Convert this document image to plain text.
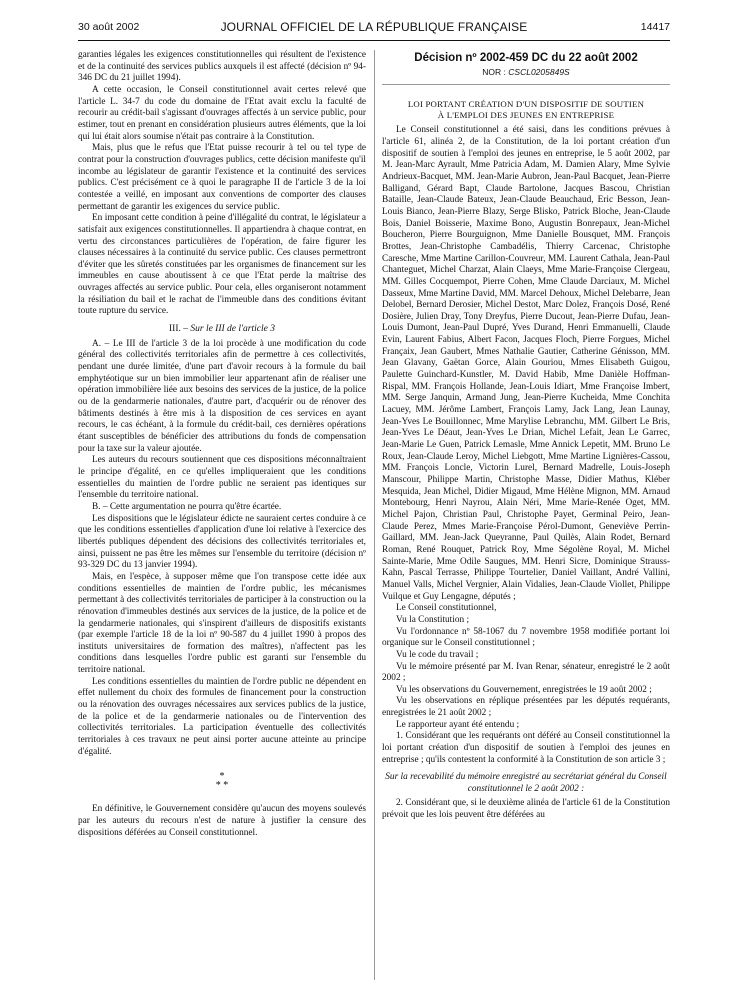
30 août 2002	JOURNAL OFFICIEL DE LA RÉPUBLIQUE FRANÇAISE	14417

garanties légales les exigences constitutionnelles qui résultent de l'existence et de la continuité des services publics auxquels il est affecté (décision nº 94-346 DC du 21 juillet 1994).

A cette occasion, le Conseil constitutionnel avait certes relevé que l'article L. 34-7 du code du domaine de l'Etat avait exclu la faculté de recourir au crédit-bail s'agissant d'ouvrages affectés à un service public, pour estimer, tout en prenant en considération plusieurs autres éléments, que la loi qui lui était alors soumise n'était pas contraire à la Constitution.

Mais, plus que le refus que l'Etat puisse recourir à tel ou tel type de contrat pour la construction d'ouvrages publics, cette décision manifeste qu'il incombe au législateur de garantir l'existence et la continuité des services publics. C'est précisément ce à quoi le paragraphe II de l'article 3 de la loi contestée a veillé, en imposant aux conventions de comporter des clauses permettant de garantir les exigences du service public.

En imposant cette condition à peine d'illégalité du contrat, le législateur a satisfait aux exigences constitutionnelles. Il appartiendra à chaque contrat, en vertu des circonstances particulières de l'opération, de faire figurer les clauses nécessaires à la continuité du service public. Ces clauses permettront d'éviter que les sûretés constituées par les organismes de financement sur les immeubles en cause aboutissent à ce que l'Etat perde la maîtrise des ouvrages affectés au service public. Pour cela, elles organiseront notamment la résiliation du bail et le rachat de l'immeuble dans des conditions évitant toute rupture du service.

III. – Sur le III de l'article 3

A. – Le III de l'article 3 de la loi procède à une modification du code général des collectivités territoriales afin de permettre à ces collectivités, pendant une durée limitée, d'une part d'avoir recours à la formule du bail emphytéotique sur un bien immobilier leur appartenant afin de réaliser une opération immobilière liée aux besoins des services de la justice, de la police ou de la gendarmerie nationales, d'autre part, d'acquérir ou de rénover des bâtiments destinés à être mis à la disposition de ces services en ayant recours, le cas échéant, à la formule du crédit-bail, ces dernières opérations étant susceptibles de bénéficier des attributions du fonds de compensation pour la taxe sur la valeur ajoutée.

Les auteurs du recours soutiennent que ces dispositions méconnaîtraient le principe d'égalité, en ce qu'elles impliqueraient que les conditions essentielles du maintien de l'ordre public ne seraient pas identiques sur l'ensemble du territoire national.

B. – Cette argumentation ne pourra qu'être écartée.

Les dispositions que le législateur édicte ne sauraient certes conduire à ce que les conditions essentielles d'application d'une loi relative à l'exercice des libertés publiques dépendent des décisions des collectivités territoriales et, ainsi, puissent ne pas être les mêmes sur l'ensemble du territoire (décision nº 93-329 DC du 13 janvier 1994).

Mais, en l'espèce, à supposer même que l'on transpose cette idée aux conditions essentielles de maintien de l'ordre public, les mécanismes permettant à des collectivités territoriales de participer à la construction ou la rénovation d'immeubles destinés aux services de la justice, de la police et de la gendarmerie nationales, qui s'inspirent d'ailleurs de dispositifs existants (par exemple l'article 18 de la loi nº 90-587 du 4 juillet 1990 à propos des instituts universitaires de formation des maîtres), n'affectent pas les conditions dans lesquelles l'ordre public est garanti sur l'ensemble du territoire national.

Les conditions essentielles du maintien de l'ordre public ne dépendent en effet nullement du choix des formules de financement pour la construction ou la rénovation des ouvrages nécessaires aux services publics de la justice, de la police et de la gendarmerie nationales ou de l'intervention des collectivités territoriales. La participation éventuelle des collectivités territoriales à ces travaux ne peut ainsi porter aucune atteinte au principe d'égalité.

*
* *

En définitive, le Gouvernement considère qu'aucun des moyens soulevés par les auteurs du recours n'est de nature à justifier la censure des dispositions déférées au Conseil constitutionnel.

Décision nº 2002-459 DC du 22 août 2002
NOR : CSCL0205849S
LOI PORTANT CRÉATION D'UN DISPOSITIF DE SOUTIEN
À L'EMPLOI DES JEUNES EN ENTREPRISE

Le Conseil constitutionnel a été saisi, dans les conditions prévues à l'article 61, alinéa 2, de la Constitution, de la loi portant création d'un dispositif de soutien à l'emploi des jeunes en entreprise, le 5 août 2002, par M. Jean-Marc Ayrault, Mme Patricia Adam, M. Damien Alary, Mme Sylvie Andrieux-Bacquet, MM. Jean-Marie Aubron, Jean-Paul Bacquet, Jean-Pierre Balligand, Gérard Bapt, Claude Bartolone, Jacques Bascou, Christian Bataille, Jean-Claude Bateux, Jean-Claude Beauchaud, Eric Besson, Jean-Louis Bianco, Jean-Pierre Blazy, Serge Blisko, Patrick Bloche, Jean-Claude Bois, Daniel Boisserie, Maxime Bono, Augustin Bonrepaux, Jean-Michel Boucheron, Pierre Bourguignon, Mme Danielle Bousquet, MM. François Brottes, Jean-Christophe Cambadélis, Thierry Carcenac, Christophe Caresche, Mme Martine Carillon-Couvreur, MM. Laurent Cathala, Jean-Paul Chanteguet, Michel Charzat, Alain Claeys, Mme Marie-Françoise Clergeau, MM. Gilles Cocquempot, Pierre Cohen, Mme Claude Darciaux, M. Michel Dasseux, Mme Martine David, MM. Marcel Dehoux, Michel Delebarre, Jean Delobel, Bernard Derosier, Michel Destot, Marc Dolez, François Dosé, René Dosière, Julien Dray, Tony Dreyfus, Pierre Ducout, Jean-Pierre Dufau, Jean-Louis Dumont, Jean-Paul Dupré, Yves Durand, Henri Emmanuelli, Claude Evin, Laurent Fabius, Albert Facon, Jacques Floch, Pierre Forgues, Michel Françaix, Jean Gaubert, Mmes Nathalie Gautier, Catherine Génisson, MM. Jean Glavany, Gaëtan Gorce, Alain Gouriou, Mmes Elisabeth Guigou, Paulette Guinchard-Kunstler, M. David Habib, Mme Danièle Hoffman-Rispal, MM. François Hollande, Jean-Louis Idiart, Mme Françoise Imbert, MM. Serge Janquin, Armand Jung, Jean-Pierre Kucheida, Mme Conchita Lacuey, MM. Jérôme Lambert, François Lamy, Jack Lang, Jean Launay, Jean-Yves Le Bouillonnec, Mme Marylise Lebranchu, MM. Gilbert Le Bris, Jean-Yves Le Déaut, Jean-Yves Le Drian, Michel Lefait, Jean Le Garrec, Jean-Marie Le Guen, Patrick Lemasle, Mme Annick Lepetit, MM. Bruno Le Roux, Jean-Claude Leroy, Michel Liebgott, Mme Martine Lignières-Cassou, MM. François Loncle, Victorin Lurel, Bernard Madrelle, Louis-Joseph Manscour, Philippe Martin, Christophe Masse, Didier Mathus, Kléber Mesquida, Jean Michel, Didier Migaud, Mme Hélène Mignon, MM. Arnaud Montebourg, Henri Nayrou, Alain Néri, Mme Marie-Renée Oget, MM. Michel Pajon, Christian Paul, Christophe Payet, Germinal Peiro, Jean-Claude Perez, Mmes Marie-Françoise Pérol-Dumont, Geneviève Perrin-Gaillard, MM. Jean-Jack Queyranne, Paul Quilès, Alain Rodet, Bernard Roman, René Rouquet, Patrick Roy, Mme Ségolène Royal, M. Michel Sainte-Marie, Mme Odile Saugues, MM. Henri Sicre, Dominique Strauss-Kahn, Pascal Terrasse, Philippe Tourtelier, Daniel Vaillant, André Vallini, Manuel Valls, Michel Vergnier, Alain Vidalies, Jean-Claude Viollet, Philippe Vuilque et Guy Lengagne, députés ;

Le Conseil constitutionnel,

Vu la Constitution ;

Vu l'ordonnance nº 58-1067 du 7 novembre 1958 modifiée portant loi organique sur le Conseil constitutionnel ;

Vu le code du travail ;

Vu le mémoire présenté par M. Ivan Renar, sénateur, enregistré le 2 août 2002 ;

Vu les observations du Gouvernement, enregistrées le 19 août 2002 ;

Vu les observations en réplique présentées par les députés requérants, enregistrées le 21 août 2002 ;

Le rapporteur ayant été entendu ;

1. Considérant que les requérants ont déféré au Conseil constitutionnel la loi portant création d'un dispositif de soutien à l'emploi des jeunes en entreprise ; qu'ils contestent la conformité à la Constitution de son article 3 ;

Sur la recevabilité du mémoire enregistré au secrétariat général du Conseil constitutionnel le 2 août 2002 :

2. Considérant que, si le deuxième alinéa de l'article 61 de la Constitution prévoit que les lois peuvent être déférées au
